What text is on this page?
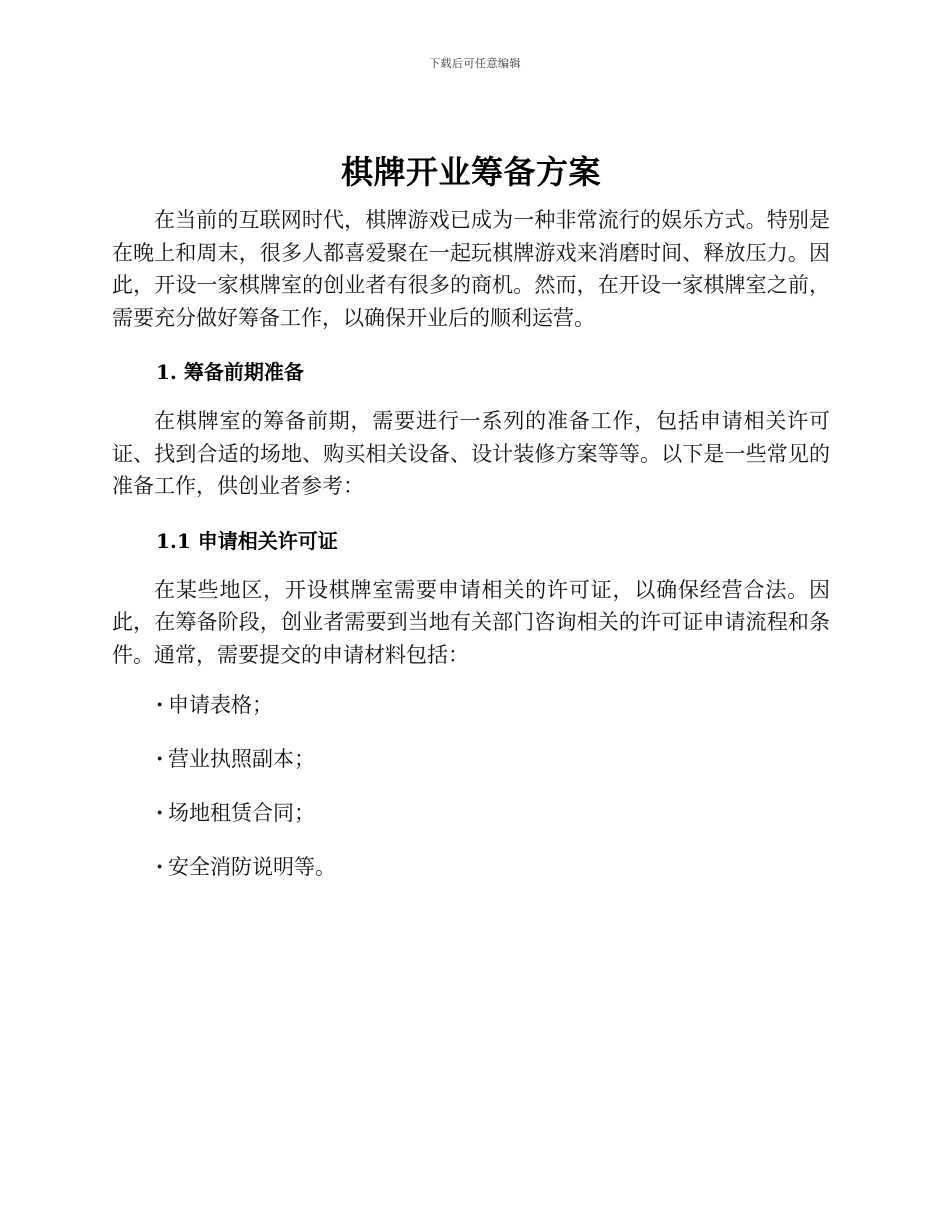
下载后可任意编辑
棋牌开业筹备方案

在当前的互联网时代，棋牌游戏已成为一种非常流行的娱乐方式。特别是在晚上和周末，很多人都喜爱聚在一起玩棋牌游戏来消磨时间、释放压力。因此，开设一家棋牌室的创业者有很多的商机。然而，在开设一家棋牌室之前，需要充分做好筹备工作，以确保开业后的顺利运营。

1. 筹备前期准备

在棋牌室的筹备前期，需要进行一系列的准备工作，包括申请相关许可证、找到合适的场地、购买相关设备、设计装修方案等等。以下是一些常见的准备工作，供创业者参考：

1.1 申请相关许可证

在某些地区，开设棋牌室需要申请相关的许可证，以确保经营合法。因此，在筹备阶段，创业者需要到当地有关部门咨询相关的许可证申请流程和条件。通常，需要提交的申请材料包括：

· 申请表格；
· 营业执照副本；
· 场地租赁合同；
· 安全消防说明等。
